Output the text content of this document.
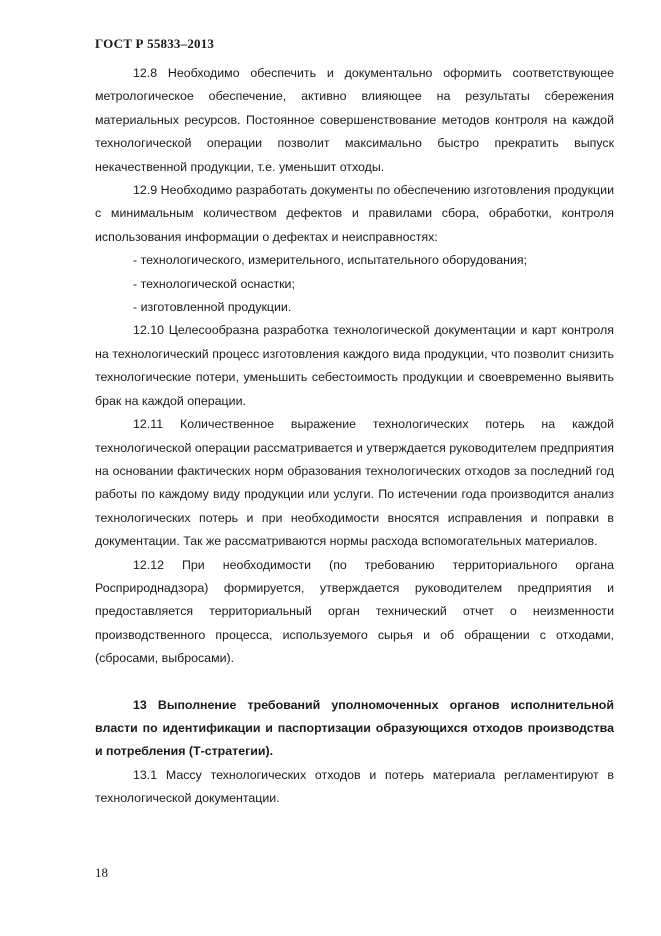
ГОСТ Р 55833–2013

12.8 Необходимо обеспечить и документально оформить соответствующее метрологическое обеспечение, активно влияющее на результаты сбережения материальных ресурсов. Постоянное совершенствование методов контроля на каждой технологической операции позволит максимально быстро прекратить выпуск некачественной продукции, т.е. уменьшит отходы.

12.9 Необходимо разработать документы по обеспечению изготовления продукции с минимальным количеством дефектов и правилами сбора, обработки, контроля использования информации о дефектах и неисправностях:

- технологического, измерительного, испытательного оборудования;

- технологической оснастки;

- изготовленной продукции.

12.10 Целесообразна разработка технологической документации и карт контроля на технологический процесс изготовления каждого вида продукции, что позволит снизить технологические потери, уменьшить себестоимость продукции и своевременно выявить брак на каждой операции.

12.11 Количественное выражение технологических потерь на каждой технологической операции рассматривается и утверждается руководителем предприятия на основании фактических норм образования технологических отходов за последний год работы по каждому виду продукции или услуги. По истечении года производится анализ технологических потерь и при необходимости вносятся исправления и поправки в документации. Так же рассматриваются нормы расхода вспомогательных материалов.

12.12 При необходимости (по требованию территориального органа Росприроднадзора) формируется, утверждается руководителем предприятия и предоставляется территориальный орган технический отчет о неизменности производственного процесса, используемого сырья и об обращении с отходами, (сбросами, выбросами).

13 Выполнение требований уполномоченных органов исполнительной власти по идентификации и паспортизации образующихся отходов производства и потребления (Т-стратегии).

13.1 Массу технологических отходов и потерь материала регламентируют в технологической документации.

18
